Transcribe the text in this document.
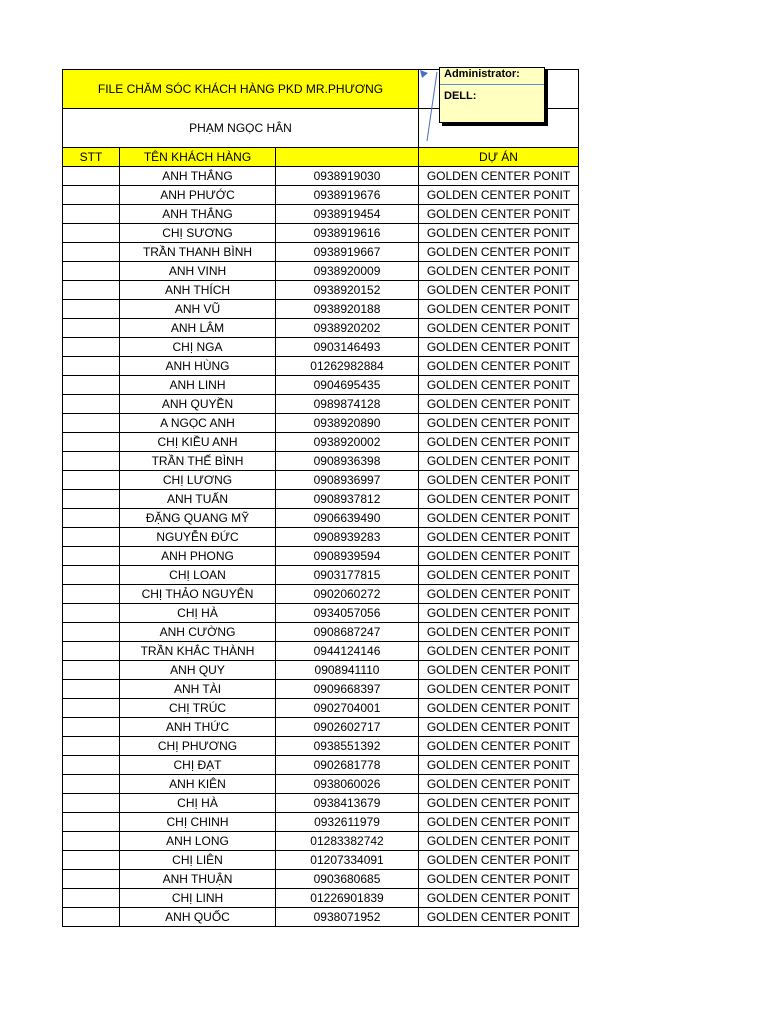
FILE CHĂM SÓC KHÁCH HÀNG PKD MR.PHƯƠNG			
PHẠM NGỌC HÂN			
STT	TÊN KHÁCH HÀNG		DỰ ÁN
	ANH THẮNG	0938919030	GOLDEN CENTER PONIT
	ANH PHƯỚC	0938919676	GOLDEN CENTER PONIT
	ANH THẮNG	0938919454	GOLDEN CENTER PONIT
	CHỊ SƯƠNG	0938919616	GOLDEN CENTER PONIT
	TRẦN THANH BÌNH	0938919667	GOLDEN CENTER PONIT
	ANH VINH	0938920009	GOLDEN CENTER PONIT
	ANH THÍCH	0938920152	GOLDEN CENTER PONIT
	ANH VŨ	0938920188	GOLDEN CENTER PONIT
	ANH LÂM	0938920202	GOLDEN CENTER PONIT
	CHỊ NGA	0903146493	GOLDEN CENTER PONIT
	ANH HÙNG	01262982884	GOLDEN CENTER PONIT
	ANH LINH	0904695435	GOLDEN CENTER PONIT
	ANH QUYỀN	0989874128	GOLDEN CENTER PONIT
	A NGỌC ANH	0938920890	GOLDEN CENTER PONIT
	CHỊ KIỀU ANH	0938920002	GOLDEN CENTER PONIT
	TRẦN THẾ BÌNH	0908936398	GOLDEN CENTER PONIT
	CHỊ LƯƠNG	0908936997	GOLDEN CENTER PONIT
	ANH TUẤN	0908937812	GOLDEN CENTER PONIT
	ĐẶNG QUANG MỸ	0906639490	GOLDEN CENTER PONIT
	NGUYỄN ĐỨC	0908939283	GOLDEN CENTER PONIT
	ANH PHONG	0908939594	GOLDEN CENTER PONIT
	CHỊ LOAN	0903177815	GOLDEN CENTER PONIT
	CHỊ THẢO NGUYÊN	0902060272	GOLDEN CENTER PONIT
	CHỊ HÀ	0934057056	GOLDEN CENTER PONIT
	ANH CƯỜNG	0908687247	GOLDEN CENTER PONIT
	TRẦN KHẮC THÀNH	0944124146	GOLDEN CENTER PONIT
	ANH QUY	0908941110	GOLDEN CENTER PONIT
	ANH TÀI	0909668397	GOLDEN CENTER PONIT
	CHỊ TRÚC	0902704001	GOLDEN CENTER PONIT
	ANH THỨC	0902602717	GOLDEN CENTER PONIT
	CHỊ PHƯƠNG	0938551392	GOLDEN CENTER PONIT
	CHỊ ĐẠT	0902681778	GOLDEN CENTER PONIT
	ANH KIÊN	0938060026	GOLDEN CENTER PONIT
	CHỊ HÀ	0938413679	GOLDEN CENTER PONIT
	CHỊ CHINH	0932611979	GOLDEN CENTER PONIT
	ANH LONG	01283382742	GOLDEN CENTER PONIT
	CHỊ LIÊN	01207334091	GOLDEN CENTER PONIT
	ANH THUẬN	0903680685	GOLDEN CENTER PONIT
	CHỊ LINH	01226901839	GOLDEN CENTER PONIT
	ANH QUỐC	0938071952	GOLDEN CENTER PONIT
Administrator:
DELL:
